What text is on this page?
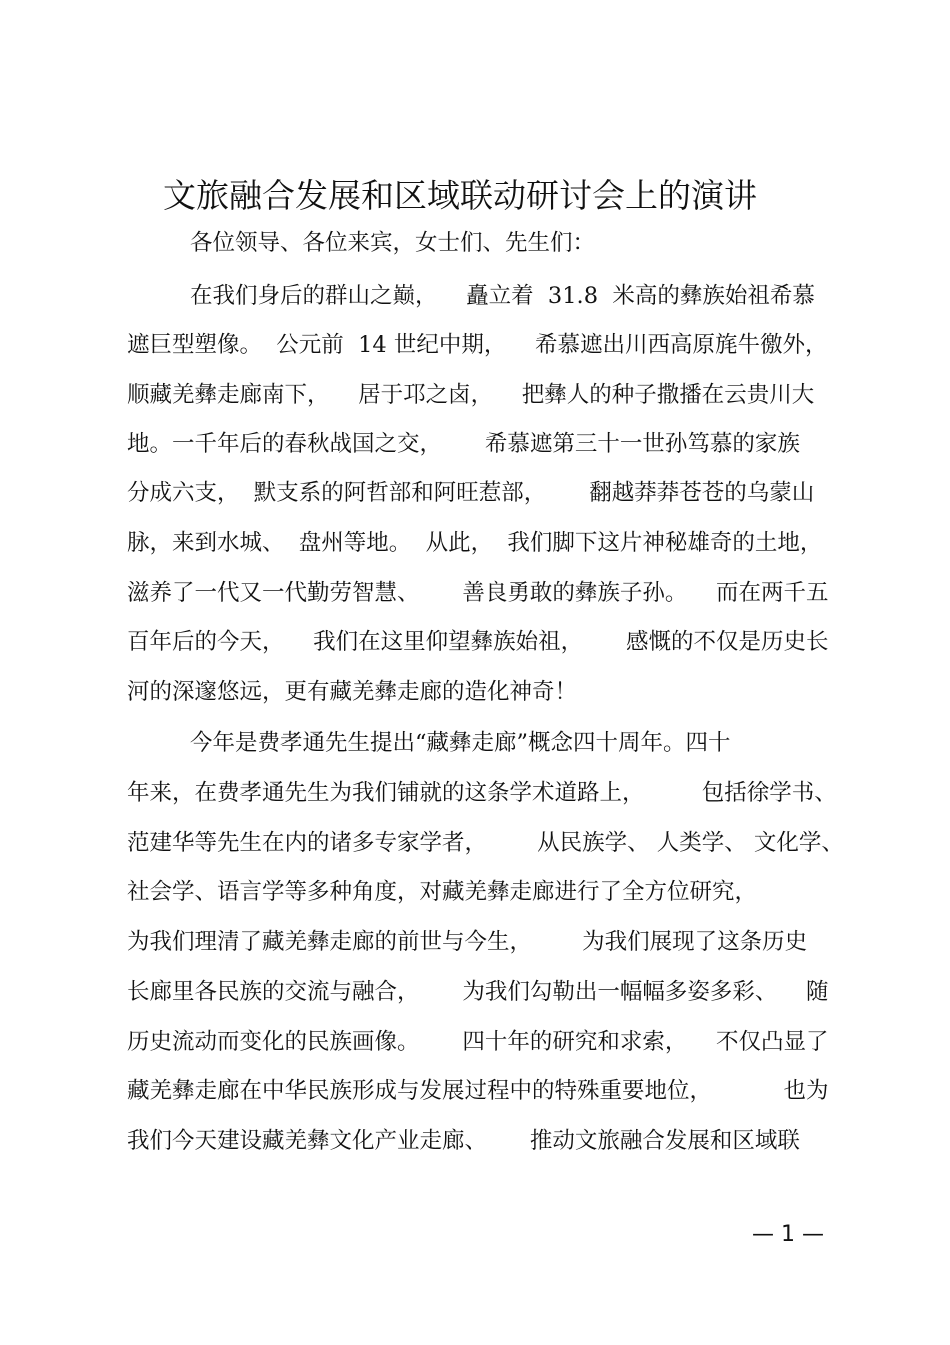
文旅融合发展和区域联动研讨会上的演讲
各位领导、各位来宾，女士们、先生们：
在我们身后的群山之巅，    矗立着  31.8  米高的彝族始祖希慕
遮巨型塑像。  公元前  14 世纪中期，    希慕遮出川西高原旄牛徼外，
顺藏羌彝走廊南下，    居于邛之卤，    把彝人的种子撒播在云贵川大
地。一千年后的春秋战国之交，      希慕遮第三十一世孙笃慕的家族
分成六支，  默支系的阿哲部和阿旺惹部，      翻越莽莽苍苍的乌蒙山
脉，来到水城、  盘州等地。  从此，  我们脚下这片神秘雄奇的土地，
滋养了一代又一代勤劳智慧、      善良勇敢的彝族子孙。    而在两千五
百年后的今天，    我们在这里仰望彝族始祖，      感慨的不仅是历史长
河的深邃悠远，更有藏羌彝走廊的造化神奇！
今年是费孝通先生提出“藏彝走廊”概念四十周年。四十
年来，在费孝通先生为我们铺就的这条学术道路上，        包括徐学书、
范建华等先生在内的诸多专家学者，       从民族学、 人类学、 文化学、
社会学、语言学等多种角度，对藏羌彝走廊进行了全方位研究，
为我们理清了藏羌彝走廊的前世与今生，       为我们展现了这条历史
长廊里各民族的交流与融合，      为我们勾勒出一幅幅多姿多彩、    随
历史流动而变化的民族画像。      四十年的研究和求索，    不仅凸显了
藏羌彝走廊在中华民族形成与发展过程中的特殊重要地位，          也为
我们今天建设藏羌彝文化产业走廊、      推动文旅融合发展和区域联
— 1 —
